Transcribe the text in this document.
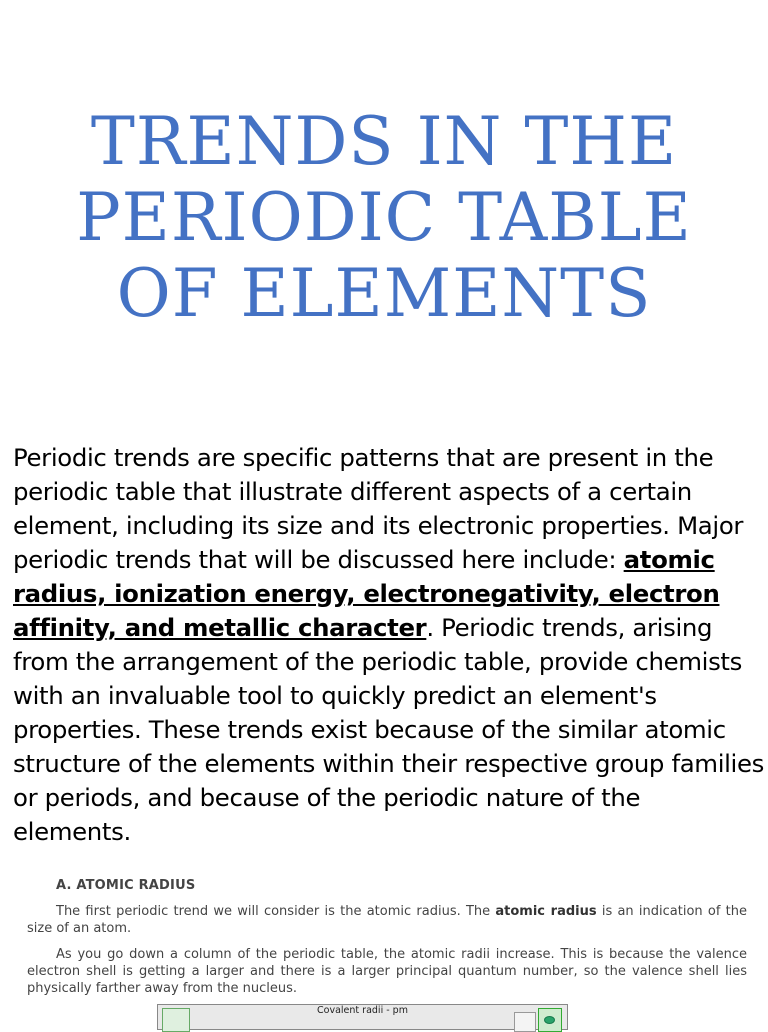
TRENDS IN THE
PERIODIC TABLE
OF ELEMENTS
Periodic trends are specific patterns that are present in the periodic table that illustrate different aspects of a certain element, including its size and its electronic properties. Major periodic trends that will be discussed here include: atomic radius, ionization energy, electronegativity, electron affinity, and metallic character. Periodic trends, arising from the arrangement of the periodic table, provide chemists with an invaluable tool to quickly predict an element's properties. These trends exist because of the similar atomic structure of the elements within their respective group families or periods, and because of the periodic nature of the elements.
A. ATOMIC RADIUS

The first periodic trend we will consider is the atomic radius. The atomic radius is an indication of the size of an atom.

As you go down a column of the periodic table, the atomic radii increase. This is because the valence electron shell is getting a larger and there is a larger principal quantum number, so the valence shell lies physically farther away from the nucleus.

Covalent radii - pm
